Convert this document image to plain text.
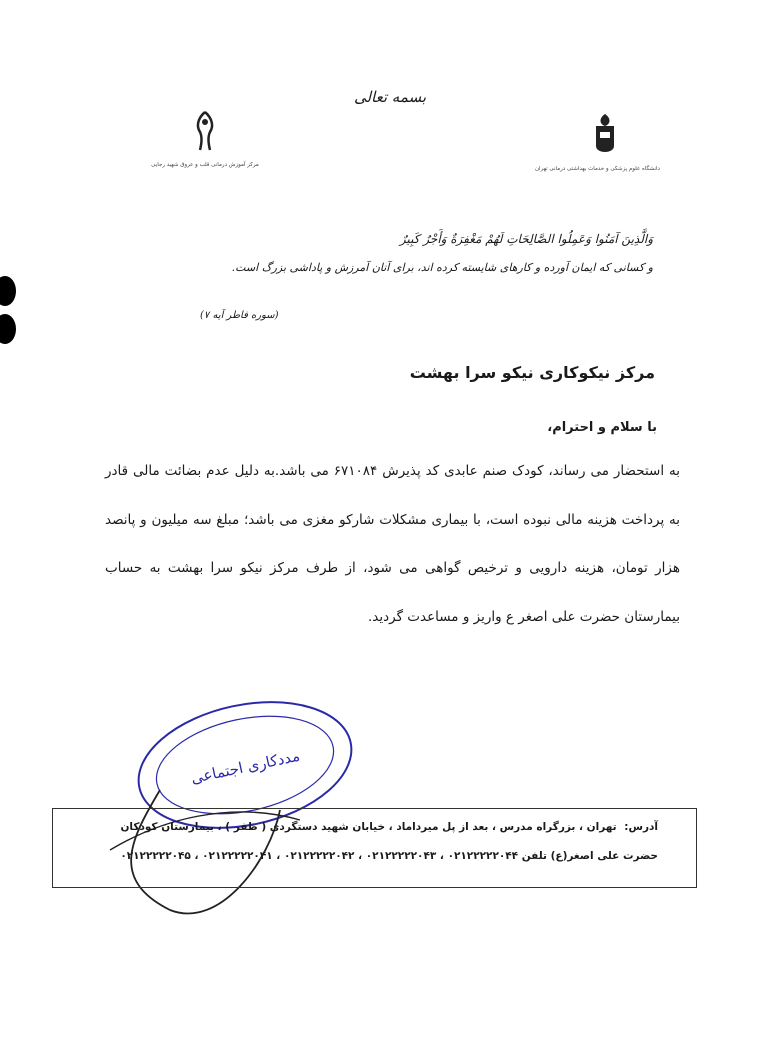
بسمه تعالی
مرکز آموزش درمانی قلب و عروق شهید رجایی
دانشگاه علوم پزشکی و خدمات بهداشتی درمانی تهران
وَالَّذِينَ آمَنُوا وَعَمِلُوا الصَّالِحَاتِ لَهُمْ مَغْفِرَةٌ وَأَجْرٌ كَبِيرٌ
و کسانی که ایمان آورده و کارهای شایسته کرده اند، برای آنان آمرزش و پاداشی بزرگ است.
(سوره فاطر آیه ۷)
مرکز نیکوکاری نیکو سرا بهشت
با سلام و احترام،
به استحضار می رساند، کودک صنم عابدی کد پذیرش ۶۷۱۰۸۴ می باشد.به دلیل عدم بضائت مالی قادر به پرداخت هزینه مالی نبوده است، با بیماری مشکلات شارکو مغزی می باشد؛ مبلغ سه میلیون و پانصد هزار تومان، هزینه دارویی و ترخیص گواهی می شود، از طرف مرکز نیکو سرا بهشت به حساب بیمارستان حضرت علی اصغر ع واریز و مساعدت گردید.
مددکاری اجتماعی
آدرس: تهران ، بزرگراه مدرس ، بعد از پل میرداماد ، خیابان شهید دستگردی ( ظفر ) ، بیمارستان کودکان
حضرت علی اصغر(ع) تلفن ۰۲۱۲۲۲۲۲۰۴۴ ، ۰۲۱۲۲۲۲۲۰۴۳ ، ۰۲۱۲۲۲۲۲۰۴۲ ، ۰۲۱۲۲۲۲۲۰۴۱ ، ۰۲۱۲۲۲۲۲۰۴۵
